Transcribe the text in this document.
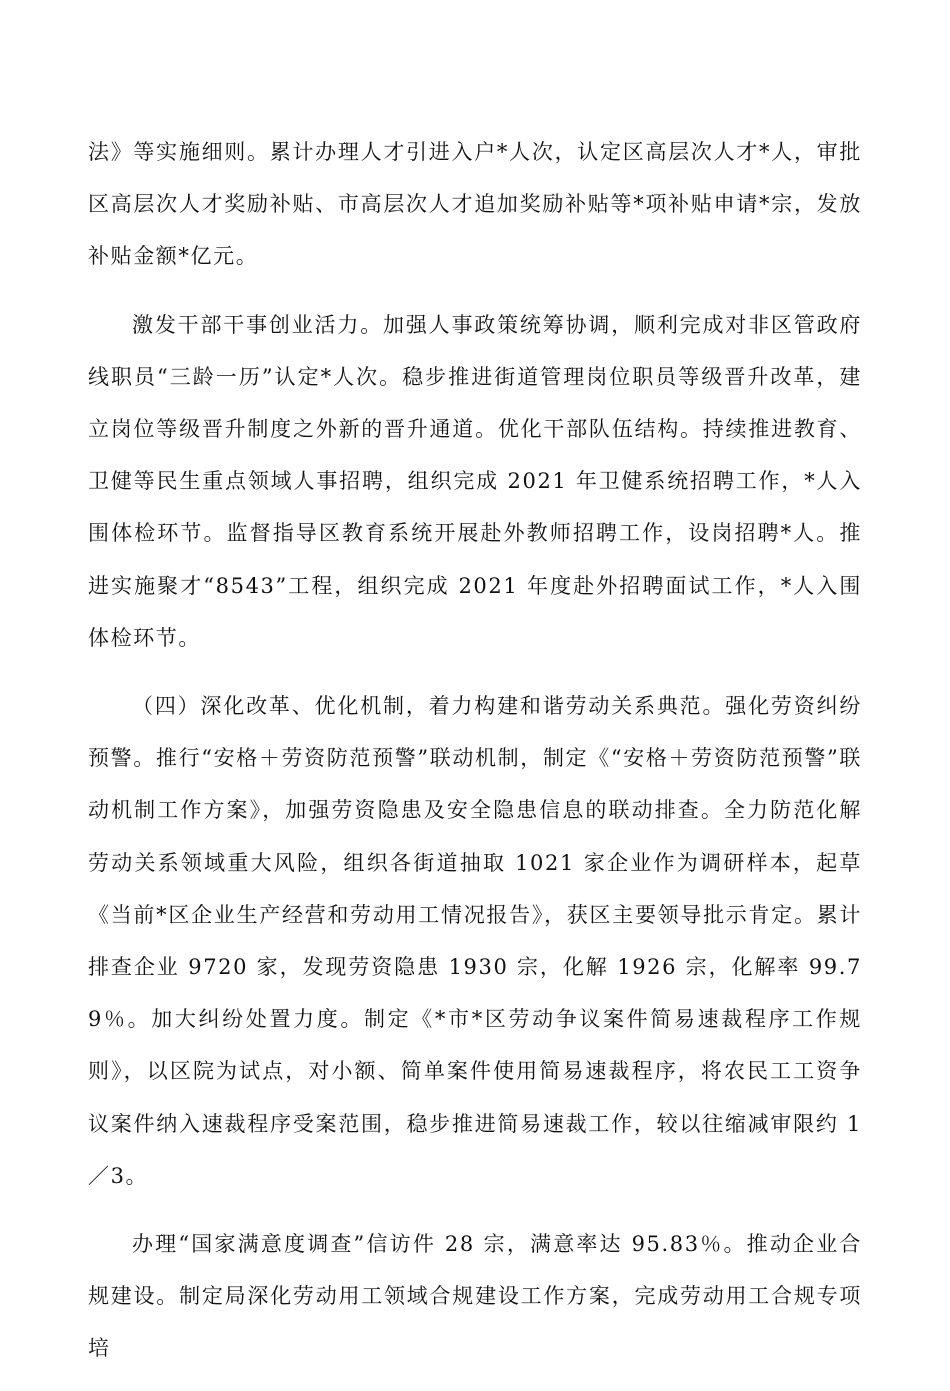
法》等实施细则。累计办理人才引进入户*人次，认定区高层次人才*人，审批区高层次人才奖励补贴、市高层次人才追加奖励补贴等*项补贴申请*宗，发放补贴金额*亿元。

激发干部干事创业活力。加强人事政策统筹协调，顺利完成对非区管政府线职员“三龄一历”认定*人次。稳步推进街道管理岗位职员等级晋升改革，建立岗位等级晋升制度之外新的晋升通道。优化干部队伍结构。持续推进教育、卫健等民生重点领域人事招聘，组织完成 2021 年卫健系统招聘工作，*人入围体检环节。监督指导区教育系统开展赴外教师招聘工作，设岗招聘*人。推进实施聚才“8543”工程，组织完成 2021 年度赴外招聘面试工作，*人入围体检环节。

（四）深化改革、优化机制，着力构建和谐劳动关系典范。强化劳资纠纷预警。推行“安格＋劳资防范预警”联动机制，制定《“安格＋劳资防范预警”联动机制工作方案》，加强劳资隐患及安全隐患信息的联动排查。全力防范化解劳动关系领域重大风险，组织各街道抽取 1021 家企业作为调研样本，起草《当前*区企业生产经营和劳动用工情况报告》，获区主要领导批示肯定。累计排查企业 9720 家，发现劳资隐患 1930 宗，化解 1926 宗，化解率 99.79％。加大纠纷处置力度。制定《*市*区劳动争议案件简易速裁程序工作规则》，以区院为试点，对小额、简单案件使用简易速裁程序，将农民工工资争议案件纳入速裁程序受案范围，稳步推进简易速裁工作，较以往缩减审限约 1／3。

办理“国家满意度调查”信访件 28 宗，满意率达 95.83％。推动企业合规建设。制定局深化劳动用工领域合规建设工作方案，完成劳动用工合规专项培
